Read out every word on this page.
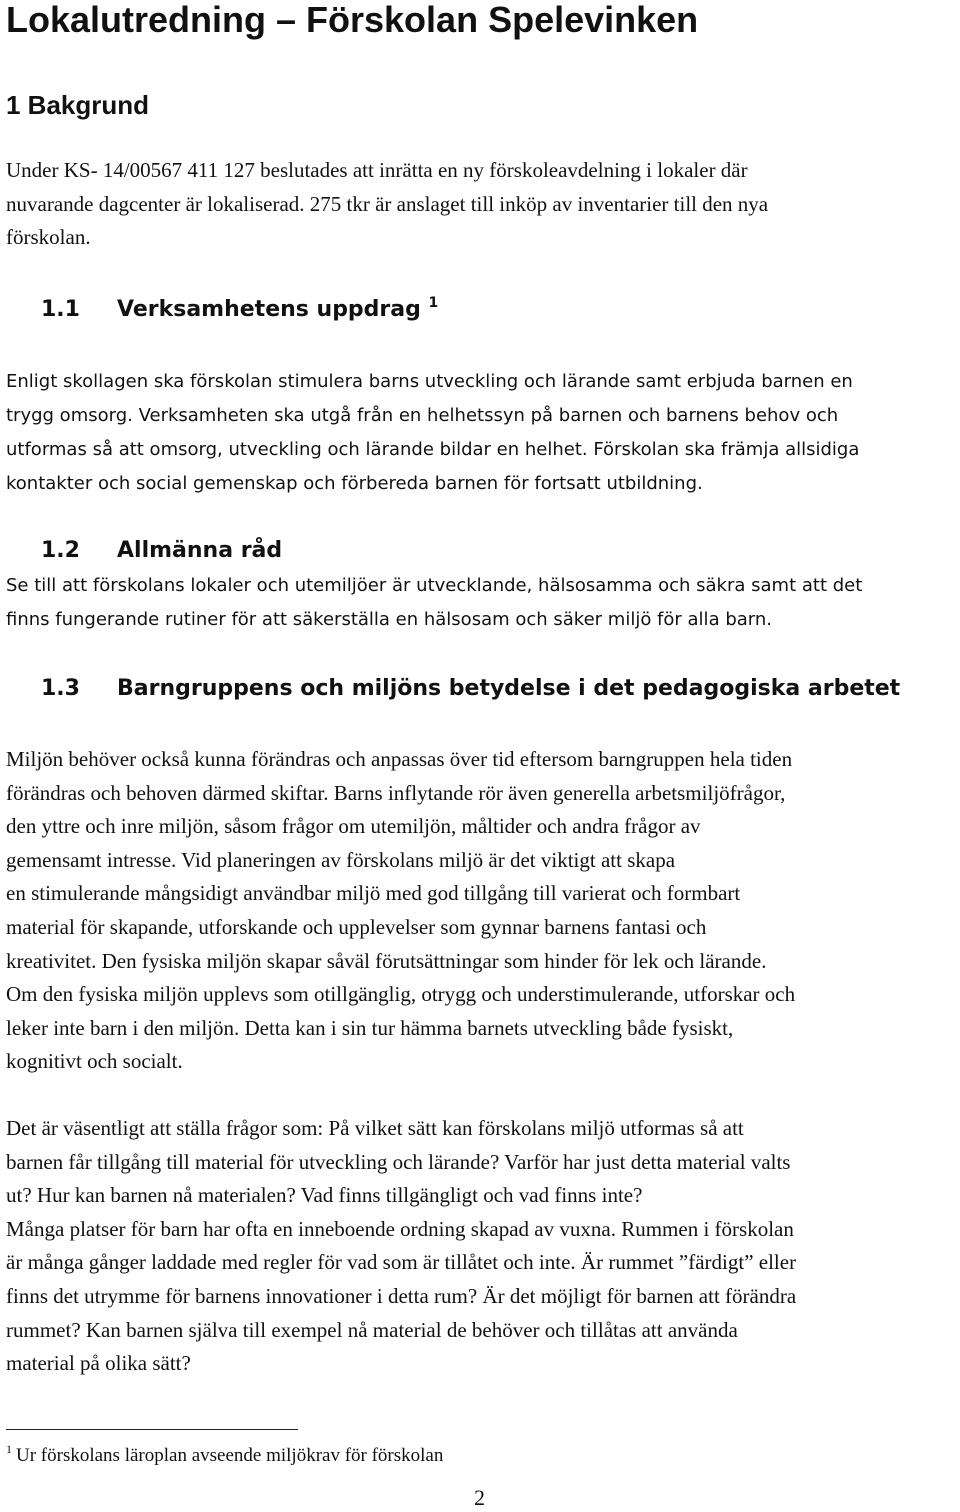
Lokalutredning – Förskolan Spelevinken
1 Bakgrund
Under KS- 14/00567 411 127 beslutades att inrätta en ny förskoleavdelning i lokaler där
nuvarande dagcenter är lokaliserad. 275 tkr är anslaget till inköp av inventarier till den nya
förskolan.
1.1 Verksamhetens uppdrag $^1$
Enligt skollagen ska förskolan stimulera barns utveckling och lärande samt erbjuda barnen en
trygg omsorg. Verksamheten ska utgå från en helhetssyn på barnen och barnens behov och
utformas så att omsorg, utveckling och lärande bildar en helhet. Förskolan ska främja allsidiga
kontakter och social gemenskap och förbereda barnen för fortsatt utbildning.
1.2 Allmänna råd
Se till att förskolans lokaler och utemiljöer är utvecklande, hälsosamma och säkra samt att det
finns fungerande rutiner för att säkerställa en hälsosam och säker miljö för alla barn.
1.3 Barngruppens och miljöns betydelse i det pedagogiska arbetet
Miljön behöver också kunna förändras och anpassas över tid eftersom barngruppen hela tiden
förändras och behoven därmed skiftar. Barns inflytande rör även generella arbetsmiljöfrågor,
den yttre och inre miljön, såsom frågor om utemiljön, måltider och andra frågor av
gemensamt intresse. Vid planeringen av förskolans miljö är det viktigt att skapa
en stimulerande mångsidigt användbar miljö med god tillgång till varierat och formbart
material för skapande, utforskande och upplevelser som gynnar barnens fantasi och
kreativitet. Den fysiska miljön skapar såväl förutsättningar som hinder för lek och lärande.
Om den fysiska miljön upplevs som otillgänglig, otrygg och understimulerande, utforskar och
leker inte barn i den miljön. Detta kan i sin tur hämma barnets utveckling både fysiskt,
kognitivt och socialt.
Det är väsentligt att ställa frågor som: På vilket sätt kan förskolans miljö utformas så att
barnen får tillgång till material för utveckling och lärande? Varför har just detta material valts
ut? Hur kan barnen nå materialen? Vad finns tillgängligt och vad finns inte?
Många platser för barn har ofta en inneboende ordning skapad av vuxna. Rummen i förskolan
är många gånger laddade med regler för vad som är tillåtet och inte. Är rummet ”färdigt” eller
finns det utrymme för barnens innovationer i detta rum? Är det möjligt för barnen att förändra
rummet? Kan barnen själva till exempel nå material de behöver och tillåtas att använda
material på olika sätt?

$^1$ Ur förskolans läroplan avseende miljökrav för förskolan

2
